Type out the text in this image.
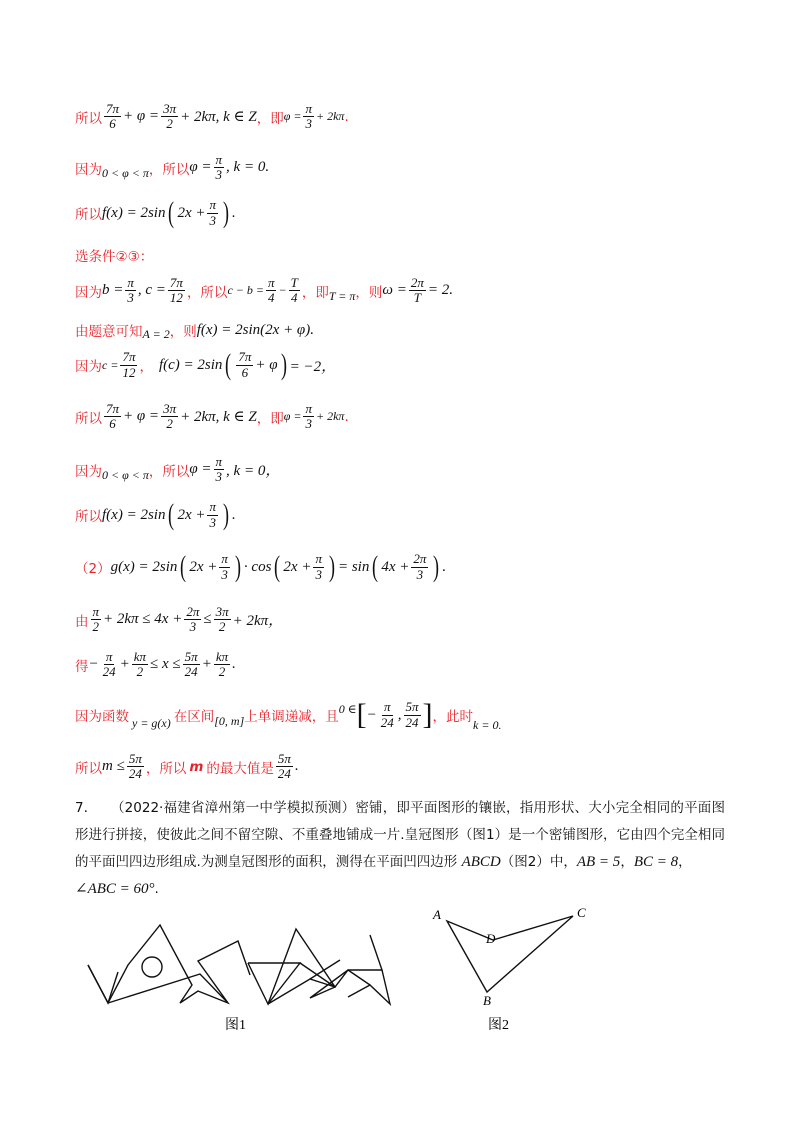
所以 $\frac{7\pi}{6} + \varphi = \frac{3\pi}{2} + 2k\pi$, k ∈ Z ，即 $\varphi = \frac{\pi}{3} + 2k\pi$ .
因为 0 < φ < π ，所以 $\varphi = \frac{\pi}{3}$ , k = 0.
所以 f(x) = 2sin ( $2x + \frac{\pi}{3}$ ) .
选条件②③：
因为 $b = \frac{\pi}{3}$ , $c = \frac{7\pi}{12}$ ，所以 $c - b = \frac{\pi}{4} - \frac{T}{4}$ ，即 T = π ，则 $\omega = \frac{2\pi}{T} = 2$.
由题意可知 A = 2 ，则 f(x) = 2sin(2x + φ).
因为 $c = \frac{7\pi}{12}$ ， f(c) = 2sin ( $\frac{7\pi}{6} + \varphi$ ) = −2，
所以 $\frac{7\pi}{6} + \varphi = \frac{3\pi}{2} + 2k\pi$, k ∈ Z ，即 $\varphi = \frac{\pi}{3} + 2k\pi$ .
因为 0 < φ < π ，所以 $\varphi = \frac{\pi}{3}$ , k = 0，
所以 f(x) = 2sin ( $2x + \frac{\pi}{3}$ ) .
（2） g(x) = 2sin ( $2x + \frac{\pi}{3}$ ) · cos ( $2x + \frac{\pi}{3}$ ) = sin ( $4x + \frac{2\pi}{3}$ ) .
由 $\frac{\pi}{2} + 2k\pi \le 4x + \frac{2\pi}{3} \le \frac{3\pi}{2} + 2k\pi$，
得 − $\frac{\pi}{24} + \frac{k\pi}{2} \le x \le \frac{5\pi}{24} + \frac{k\pi}{2}$ .
因为函数 y = g(x) 在区间 [0, m] 上单调递减，且
0 ∈ [ − $\frac{\pi}{24}$ , $\frac{5\pi}{24}$ ] ，此时 k = 0.
所以 $m \le \frac{5\pi}{24}$ ，所以 m 的最大值是 $\frac{5\pi}{24}$ .
7． （2022·福建省漳州第一中学模拟预测）密铺，即平面图形的镶嵌，指用形状、大小完全相同的平面图形进行拼接，使彼此之间不留空隙、不重叠地铺成一片.皇冠图形（图1）是一个密铺图形，它由四个完全相同的平面凹四边形组成.为测皇冠图形的面积，测得在平面凹四边形 ABCD（图2）中，AB = 5，BC = 8，
∠ABC = 60°.
A	C
D
B
图1	图2
